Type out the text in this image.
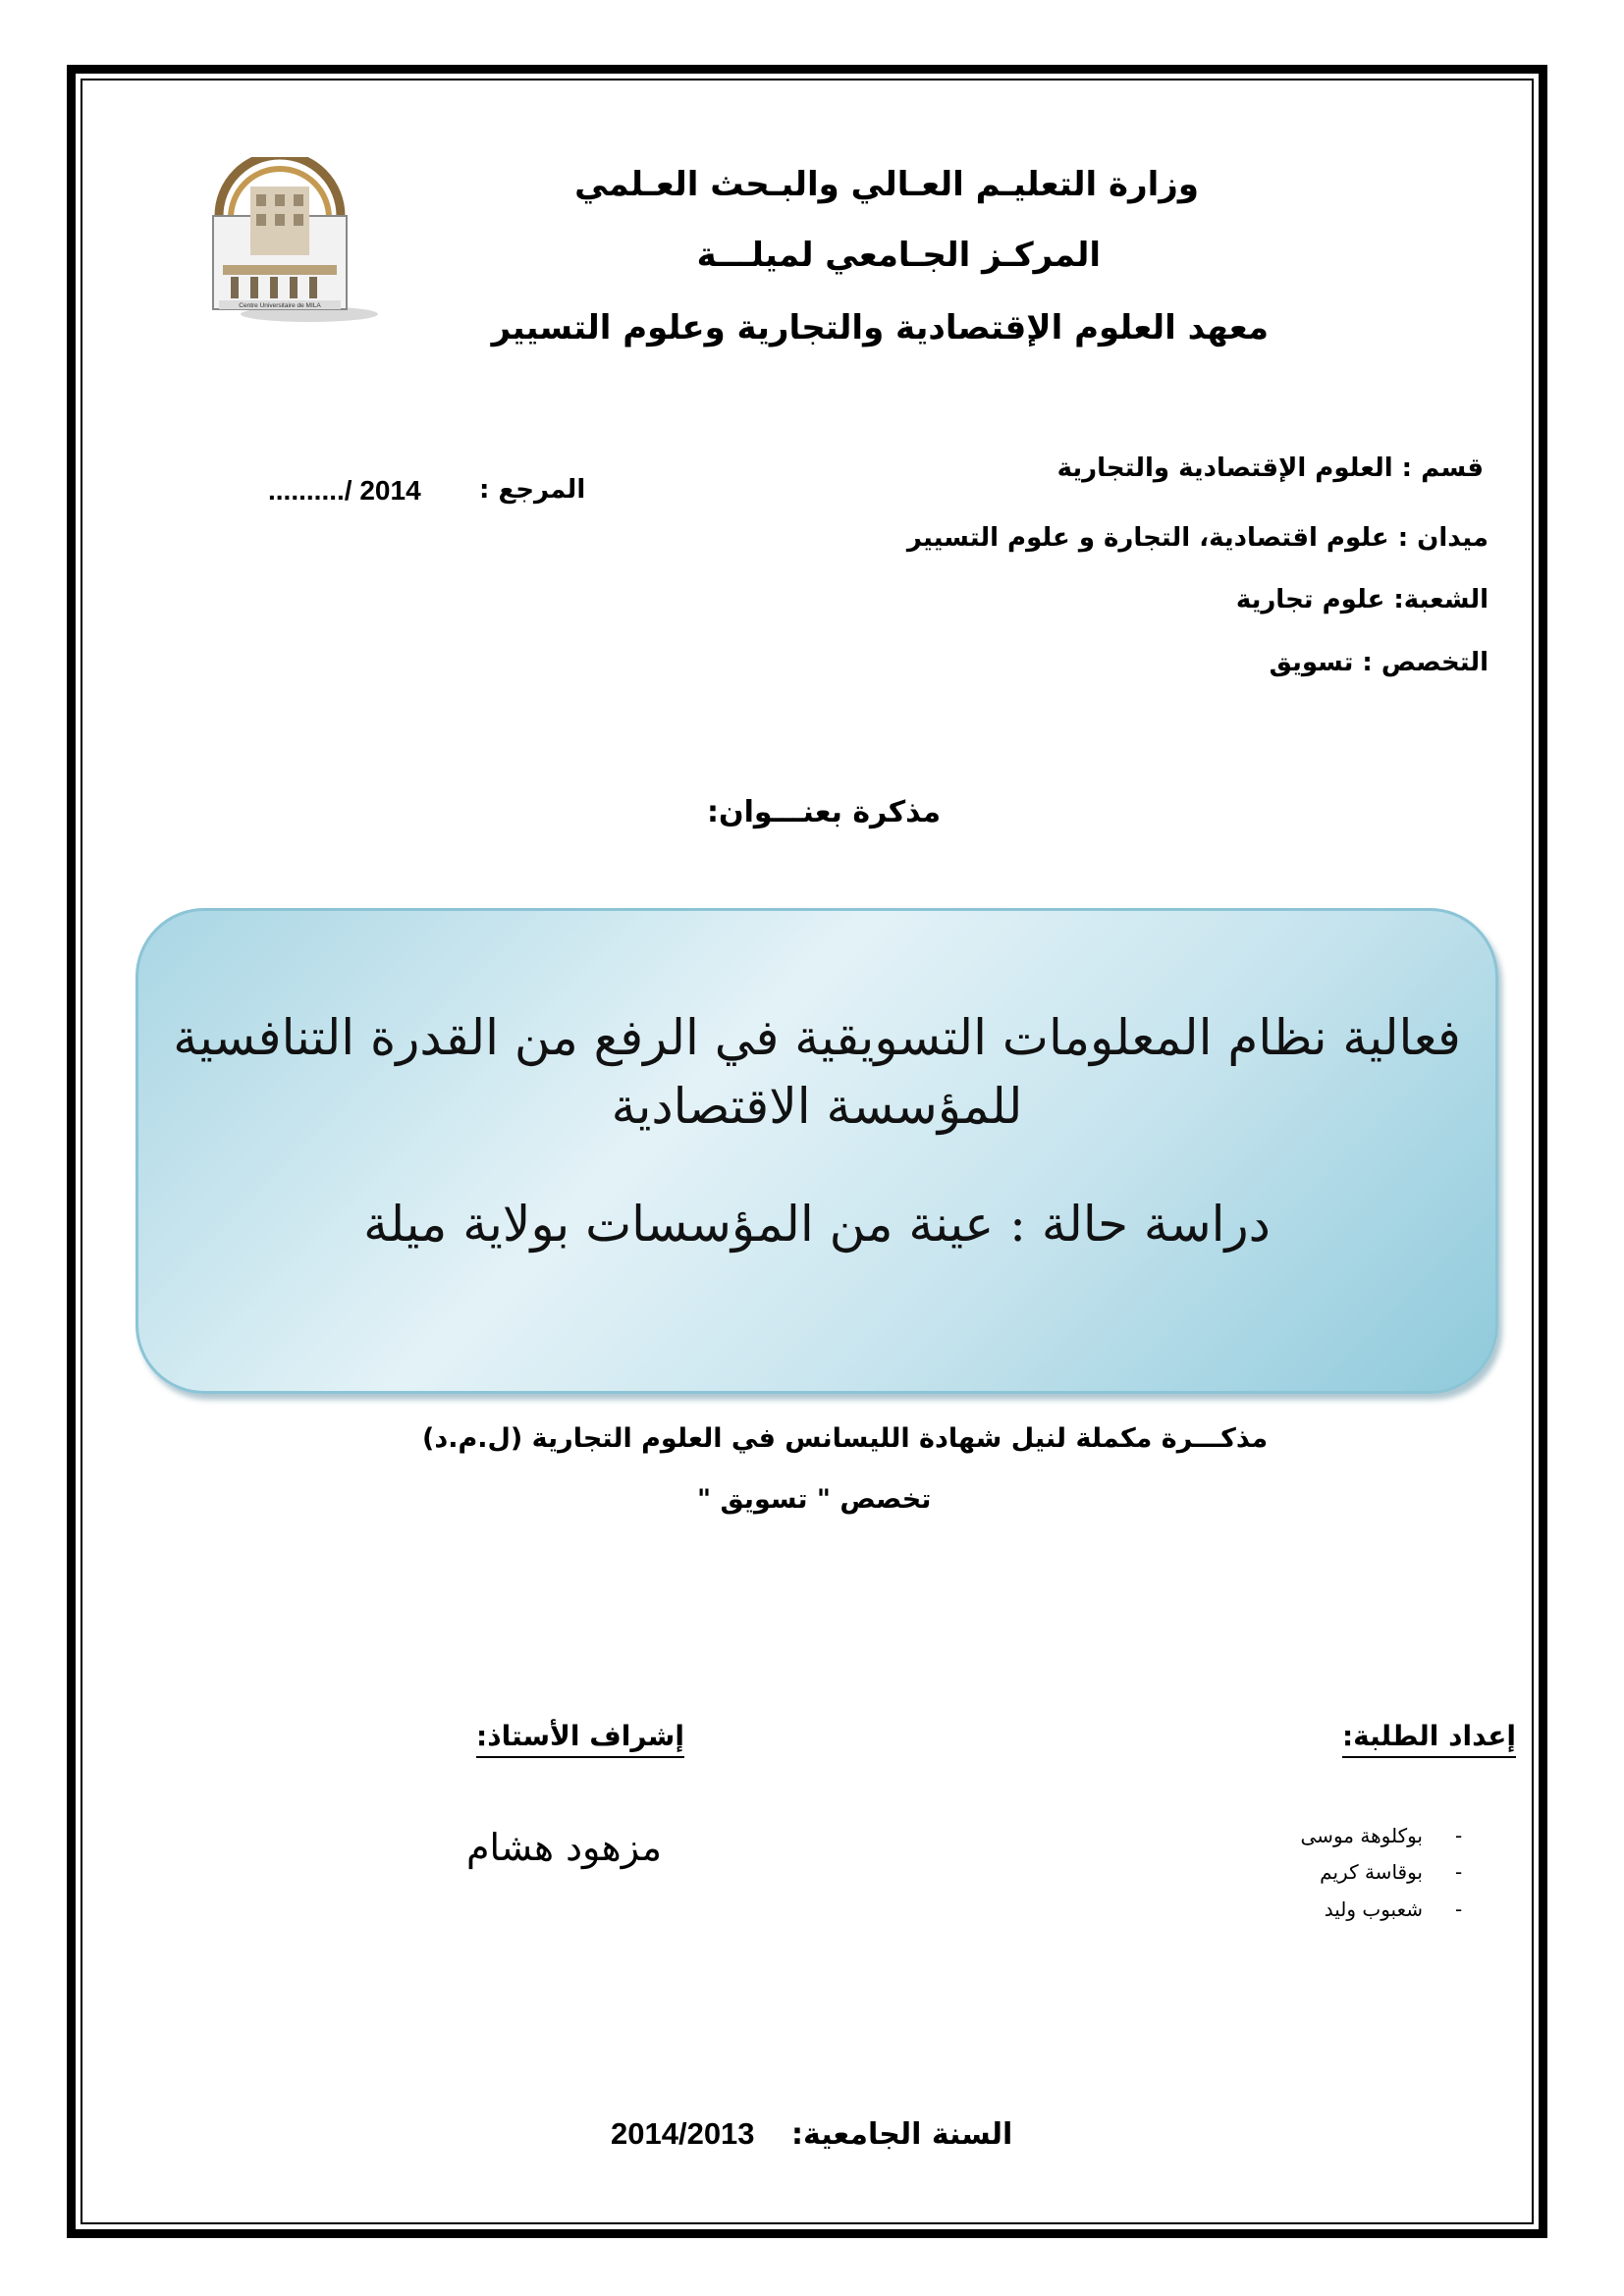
Centre Universitaire de MILA
وزارة التعليـم العـالي والبـحث العـلمي
المركـز الجـامعي لميلـــة
معهد العلوم الإقتصادية والتجارية وعلوم التسيير
قسم : العلوم الإقتصادية والتجارية
ميدان : علوم اقتصادية، التجارة و علوم التسيير
الشعبة: علوم تجارية
التخصص : تسويق
المرجع :
........../ 2014
مذكرة بعنـــوان:
فعالية نظام المعلومات التسويقية في الرفع من القدرة التنافسية
للمؤسسة الاقتصادية
دراسة حالة : عينة من المؤسسات بولاية ميلة
مذكـــرة مكملة لنيل شهادة الليسانس في العلوم التجارية (ل.م.د)
تخصص " تسويق "
إعداد الطلبة:
بوكلوهة موسى -
بوقاسة كريم -
شعبوب وليد -
إشراف الأستاذ:
مزهود هشام
السنة الجامعية:
2014/2013
